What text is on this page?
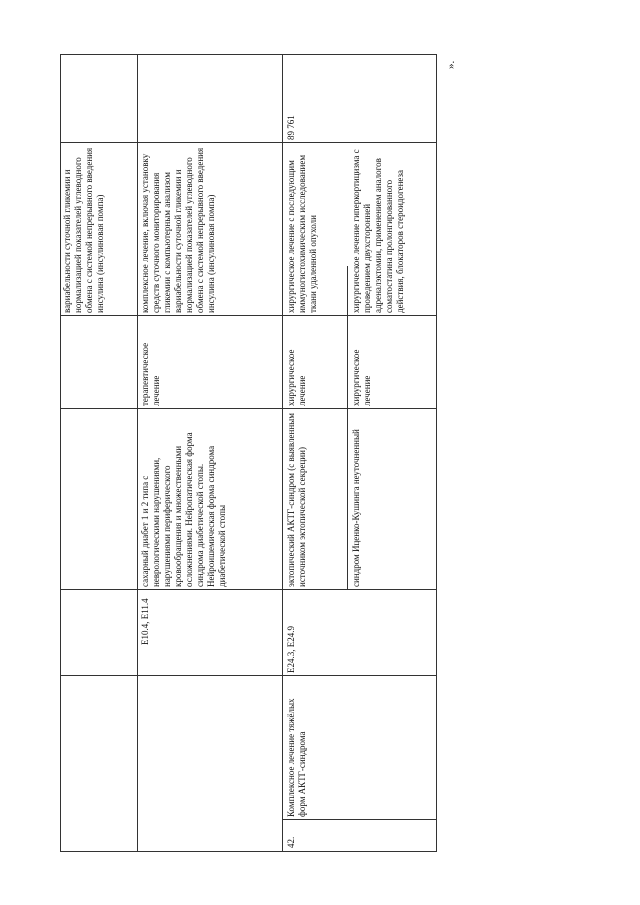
вариабельности суточной гликемии и нормализацией показателей углеводного обмена с системой непрерывного введения инсулина (инсулиновая помпа)
E10.4, E11.4
сахарный диабет 1 и 2 типа с неврологическими нарушениями, нарушениями периферического кровообращения и множественными осложнениями. Нейропатическая форма синдрома диабетической стопы. Нейроишемическая форма синдрома диабетической стопы
терапевтическое лечение
комплексное лечение, включая установку средств суточного мониторирования гликемии с компьютерным анализом вариабельности суточной гликемии и нормализацией показателей углеводного обмена с системой непрерывного введения инсулина (инсулиновая помпа)
89 761
42.
Комплексное лечение тяжёлых форм АКТГ-синдрома
E24.3, E24.9
эктопический АКТГ-синдром (с выявленным источником эктопической секреции)
хирургическое лечение
хирургическое лечение с последующим иммуногистохимическим исследованием ткани удаленной опухоли
синдром Иценко-Кушинга неуточненный
хирургическое лечение
хирургическое лечение гиперкортицизма с проведением двухсторонней адреналэктомии, применением аналогов соматостатина пролонгированного действия, блокаторов стероидогенеза
».
